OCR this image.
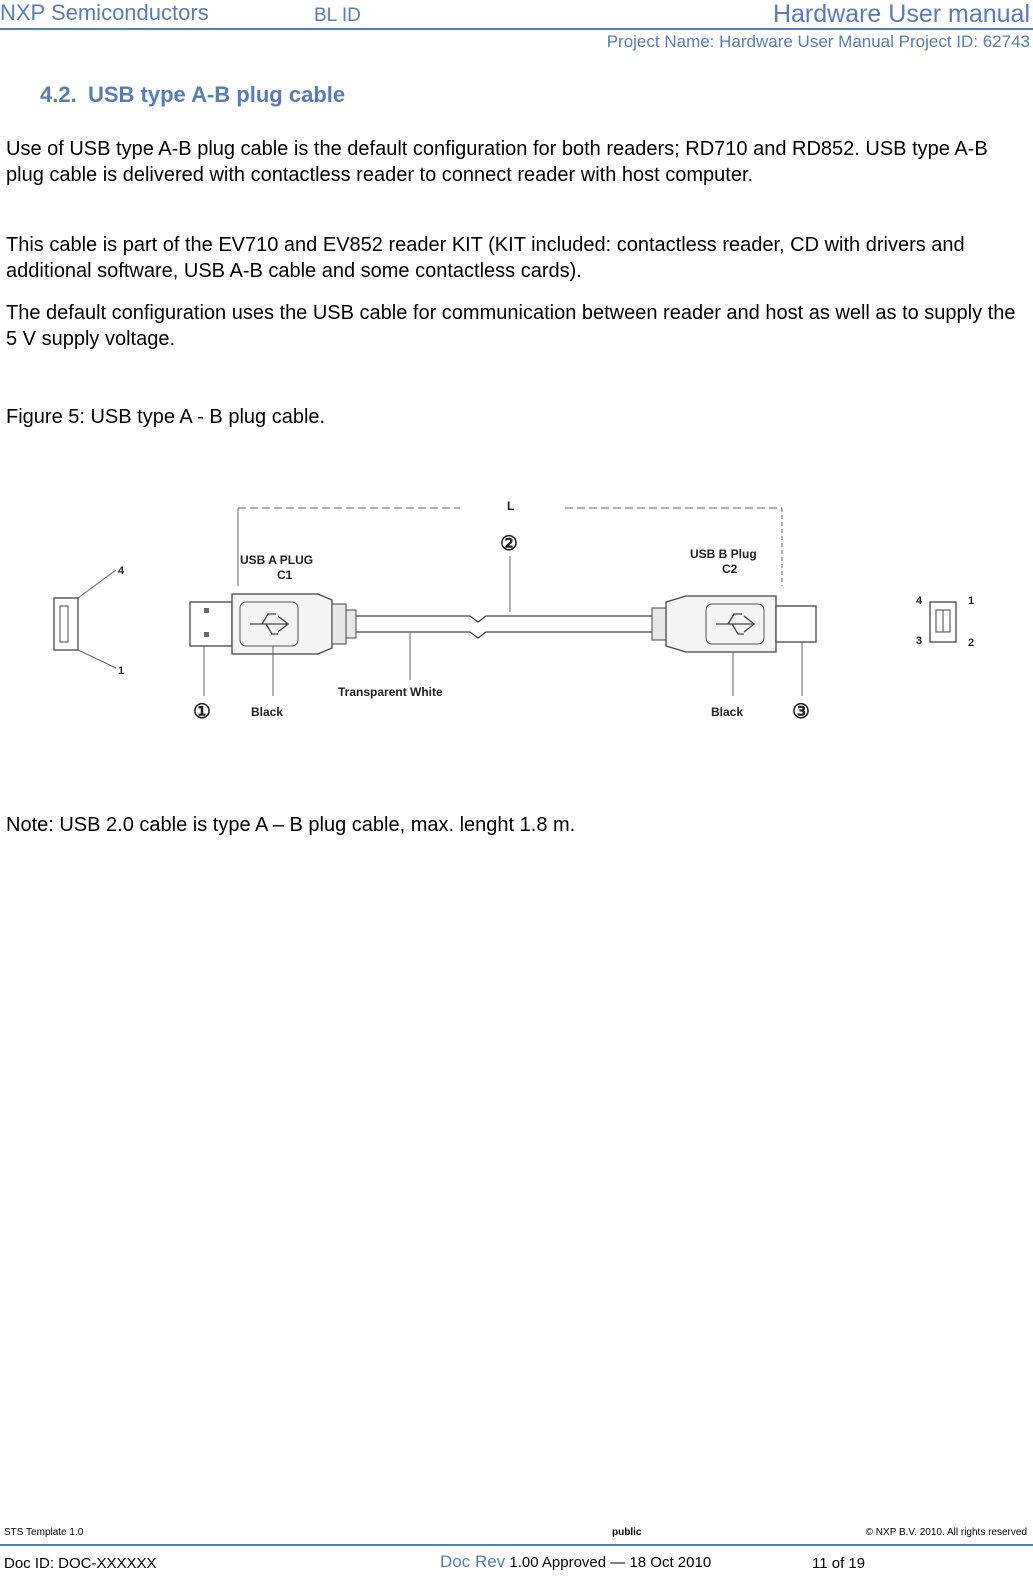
NXP Semiconductors	BL ID	Hardware User manual
Project Name: Hardware User Manual Project ID: 62743
4.2. USB type A-B plug cable
Use of USB type A-B plug cable is the default configuration for both readers; RD710 and RD852. USB type A-B plug cable is delivered with contactless reader to connect reader with host computer.
This cable is part of the EV710 and EV852 reader KIT (KIT included: contactless reader, CD with drivers and additional software, USB A-B cable and some contactless cards).
The default configuration uses the USB cable for communication between reader and host as well as to supply the 5 V supply voltage.
Figure 5: USB type A - B plug cable.
L
USB A PLUG
C1
USB B Plug
C2
②
4
1
4	1
3	2
①	Black
Transparent White
Black ③
Note: USB 2.0 cable is type A – B plug cable, max. lenght 1.8 m.
STS Template 1.0	public	© NXP B.V. 2010. All rights reserved
Doc ID: DOC-XXXXXX	Doc Rev 1.00 Approved — 18 Oct 2010	11 of 19
